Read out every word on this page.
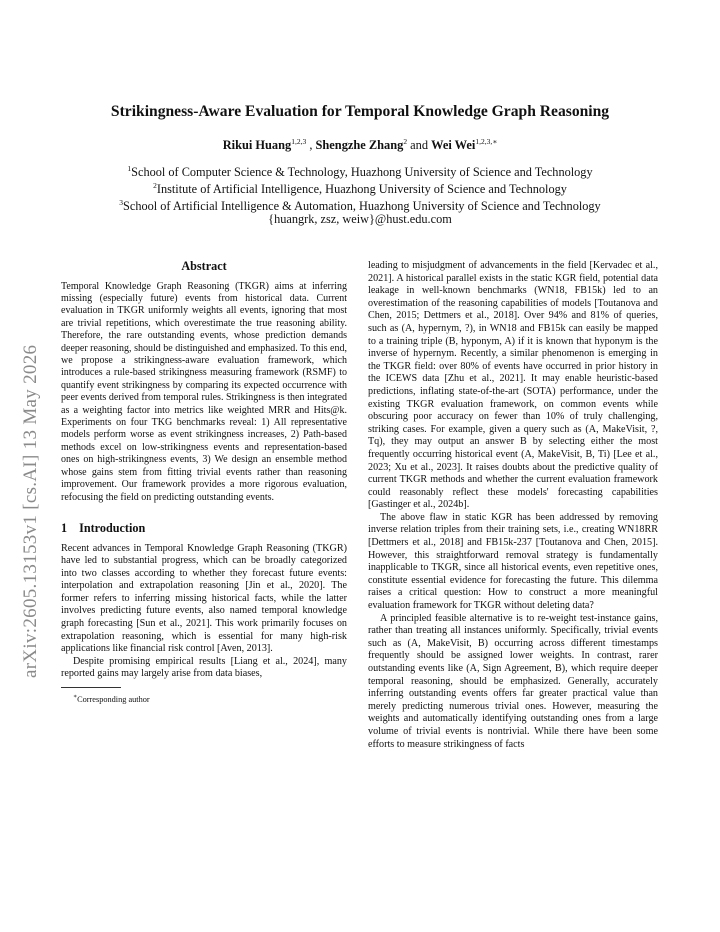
arXiv:2605.13153v1 [cs.AI] 13 May 2026
Strikingness-Aware Evaluation for Temporal Knowledge Graph Reasoning
Rikui Huang$^{1,2,3}$ , Shengzhe Zhang$^2$ and Wei Wei$^{1,2,3,∗}$
$^1$School of Computer Science & Technology, Huazhong University of Science and Technology
$^2$Institute of Artificial Intelligence, Huazhong University of Science and Technology
$^3$School of Artificial Intelligence & Automation, Huazhong University of Science and Technology
{huangrk, zsz, weiw}@hust.edu.com
Abstract

Temporal Knowledge Graph Reasoning (TKGR) aims at inferring missing (especially future) events from historical data. Current evaluation in TKGR uniformly weights all events, ignoring that most are trivial repetitions, which overestimate the true reasoning ability. Therefore, the rare outstanding events, whose prediction demands deeper reasoning, should be distinguished and emphasized. To this end, we propose a strikingness-aware evaluation framework, which introduces a rule-based strikingness measuring framework (RSMF) to quantify event strikingness by comparing its expected occurrence with peer events derived from temporal rules. Strikingness is then integrated as a weighting factor into metrics like weighted MRR and Hits@k. Experiments on four TKG benchmarks reveal: 1) All representative models perform worse as event strikingness increases, 2) Path-based methods excel on low-strikingness events and representation-based ones on high-strikingness events, 3) We design an ensemble method whose gains stem from fitting trivial events rather than reasoning improvement. Our framework provides a more rigorous evaluation, refocusing the field on predicting outstanding events.

1 Introduction

Recent advances in Temporal Knowledge Graph Reasoning (TKGR) have led to substantial progress, which can be broadly categorized into two classes according to whether they forecast future events: interpolation and extrapolation reasoning [Jin et al., 2020]. The former refers to inferring missing historical facts, while the latter involves predicting future events, also named temporal knowledge graph forecasting [Sun et al., 2021]. This work primarily focuses on extrapolation reasoning, which is essential for many high-risk applications like financial risk control [Aven, 2013].

Despite promising empirical results [Liang et al., 2024], many reported gains may largely arise from data biases,

∗Corresponding author

leading to misjudgment of advancements in the field [Kervadec et al., 2021]. A historical parallel exists in the static KGR field, potential data leakage in well-known benchmarks (WN18, FB15k) led to an overestimation of the reasoning capabilities of models [Toutanova and Chen, 2015; Dettmers et al., 2018]. Over 94% and 81% of queries, such as (A, hypernym, ?), in WN18 and FB15k can easily be mapped to a training triple (B, hyponym, A) if it is known that hyponym is the inverse of hypernym. Recently, a similar phenomenon is emerging in the TKGR field: over 80% of events have occurred in prior history in the ICEWS data [Zhu et al., 2021]. It may enable heuristic-based predictions, inflating state-of-the-art (SOTA) performance, under the existing TKGR evaluation framework, on common events while obscuring poor accuracy on fewer than 10% of truly challenging, striking cases. For example, given a query such as (A, MakeVisit, ?, Tq), they may output an answer B by selecting either the most frequently occurring historical event (A, MakeVisit, B, Ti) [Lee et al., 2023; Xu et al., 2023]. It raises doubts about the predictive quality of current TKGR methods and whether the current evaluation framework could reasonably reflect these models' forecasting capabilities [Gastinger et al., 2024b].

The above flaw in static KGR has been addressed by removing inverse relation triples from their training sets, i.e., creating WN18RR [Dettmers et al., 2018] and FB15k-237 [Toutanova and Chen, 2015]. However, this straightforward removal strategy is fundamentally inapplicable to TKGR, since all historical events, even repetitive ones, constitute essential evidence for forecasting the future. This dilemma raises a critical question: How to construct a more meaningful evaluation framework for TKGR without deleting data?

A principled feasible alternative is to re-weight test-instance gains, rather than treating all instances uniformly. Specifically, trivial events such as (A, MakeVisit, B) occurring across different timestamps frequently should be assigned lower weights. In contrast, rarer outstanding events like (A, Sign Agreement, B), which require deeper temporal reasoning, should be emphasized. Generally, accurately inferring outstanding events offers far greater practical value than merely predicting numerous trivial ones. However, measuring the weights and automatically identifying outstanding ones from a large volume of trivial events is nontrivial. While there have been some efforts to measure strikingness of facts
